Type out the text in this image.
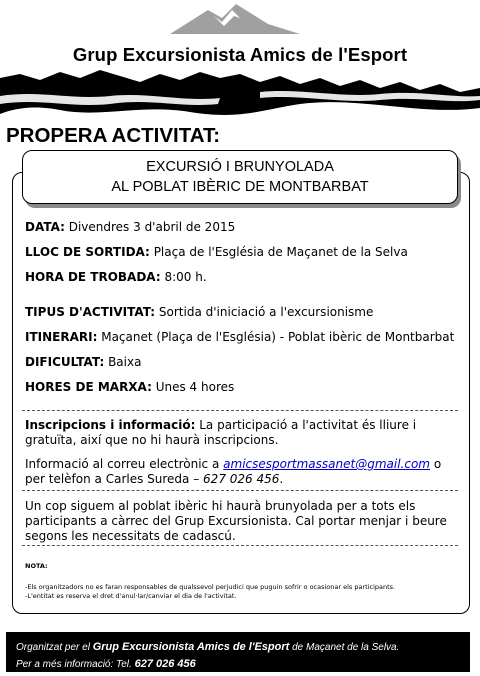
Grup Excursionista Amics de l'Esport
PROPERA ACTIVITAT:
EXCURSIÓ I BRUNYOLADA
AL POBLAT IBÈRIC DE MONTBARBAT
DATA: Divendres 3 d'abril de 2015
LLOC DE SORTIDA: Plaça de l'Església de Maçanet de la Selva
HORA DE TROBADA: 8:00 h.
TIPUS D'ACTIVITAT: Sortida d'iniciació a l'excursionisme
ITINERARI: Maçanet (Plaça de l'Església) - Poblat ibèric de Montbarbat
DIFICULTAT: Baixa
HORES DE MARXA: Unes 4 hores
Inscripcions i informació: La participació a l'activitat és lliure i gratuïta, així que no hi haurà inscripcions.
Informació al correu electrònic a amicsesportmassanet@gmail.com o per telèfon a Carles Sureda – 627 026 456.
Un cop siguem al poblat ibèric hi haurà brunyolada per a tots els participants a càrrec del Grup Excursionista. Cal portar menjar i beure segons les necessitats de cadascú.
NOTA:
-Els organitzadors no es faran responsables de qualssevol perjudici que puguin sofrir o ocasionar els participants.
-L'entitat es reserva el dret d'anul·lar/canviar el dia de l'activitat.
Organitzat per el Grup Excursionista Amics de l'Esport de Maçanet de la Selva.
Per a més informació: Tel. 627 026 456
